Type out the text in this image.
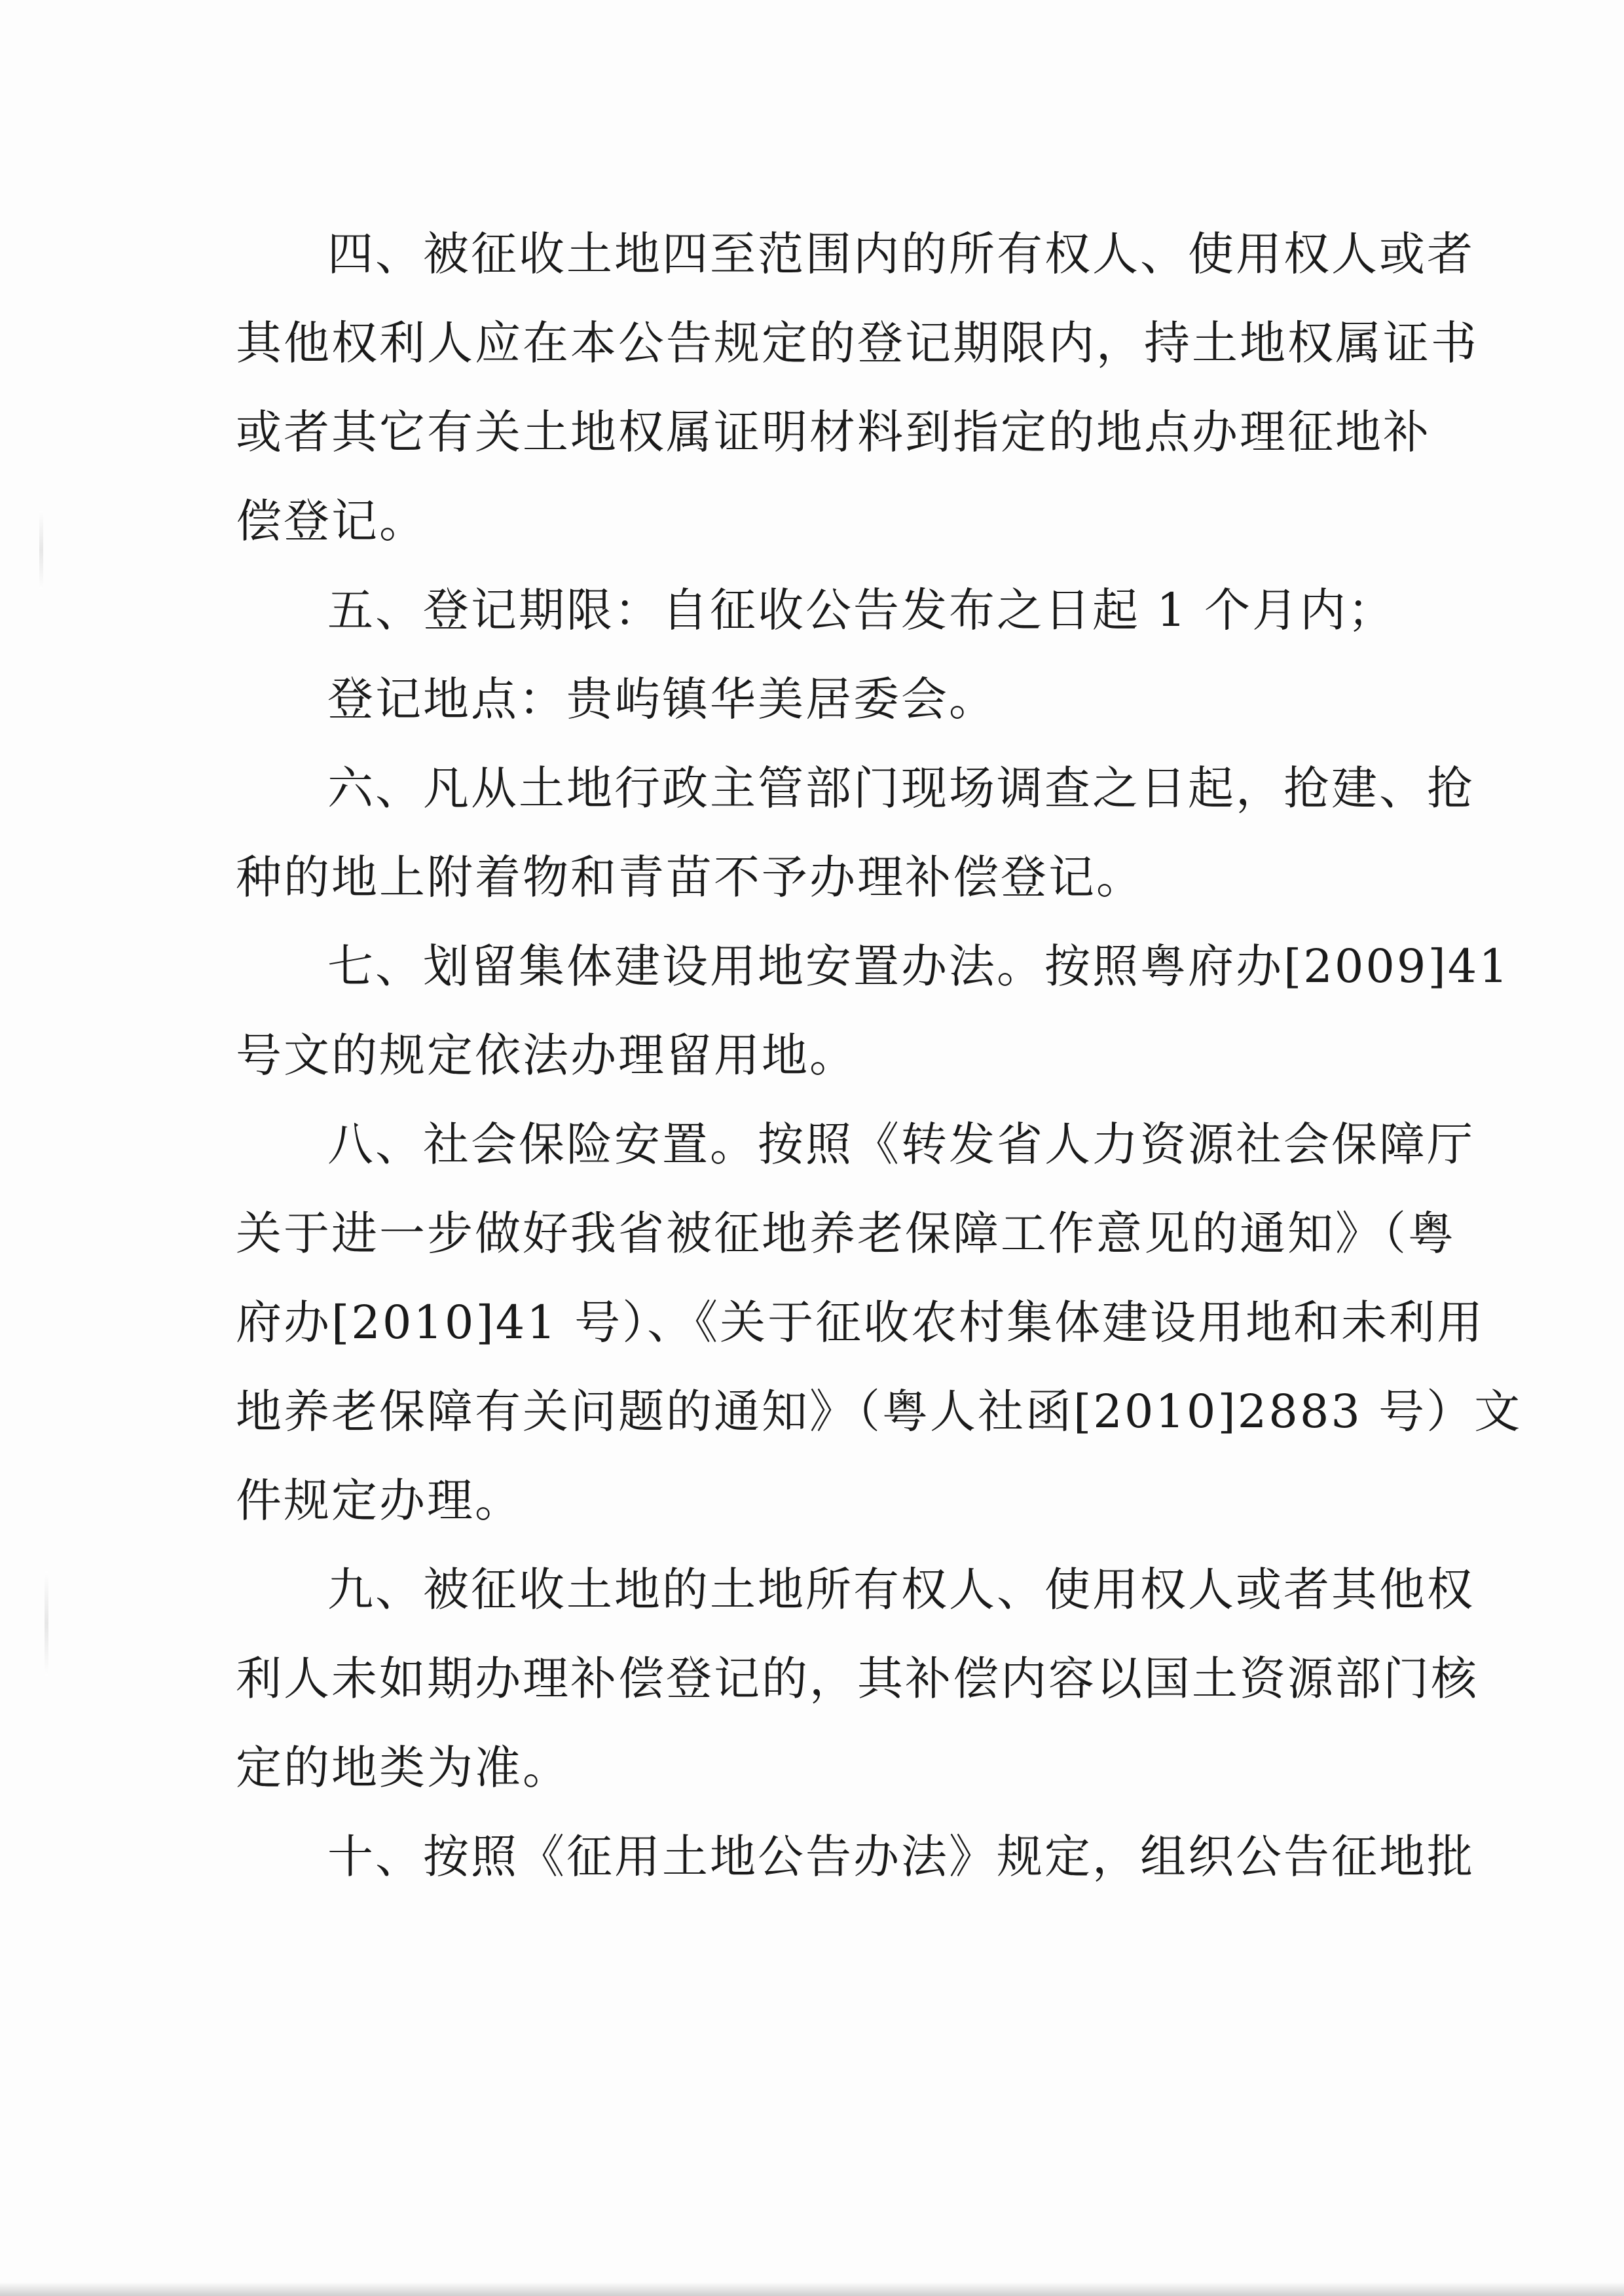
四、被征收土地四至范围内的所有权人、使用权人或者
其他权利人应在本公告规定的登记期限内，持土地权属证书
或者其它有关土地权属证明材料到指定的地点办理征地补
偿登记。
五、登记期限：自征收公告发布之日起 1 个月内；
登记地点：贵屿镇华美居委会。
六、凡从土地行政主管部门现场调查之日起，抢建、抢
种的地上附着物和青苗不予办理补偿登记。
七、划留集体建设用地安置办法。按照粤府办[2009]41
号文的规定依法办理留用地。
八、社会保险安置。按照《转发省人力资源社会保障厅
关于进一步做好我省被征地养老保障工作意见的通知》（粤
府办[2010]41 号）、《关于征收农村集体建设用地和未利用
地养老保障有关问题的通知》（粤人社函[2010]2883 号）文
件规定办理。
九、被征收土地的土地所有权人、使用权人或者其他权
利人未如期办理补偿登记的，其补偿内容以国土资源部门核
定的地类为准。
十、按照《征用土地公告办法》规定，组织公告征地批
